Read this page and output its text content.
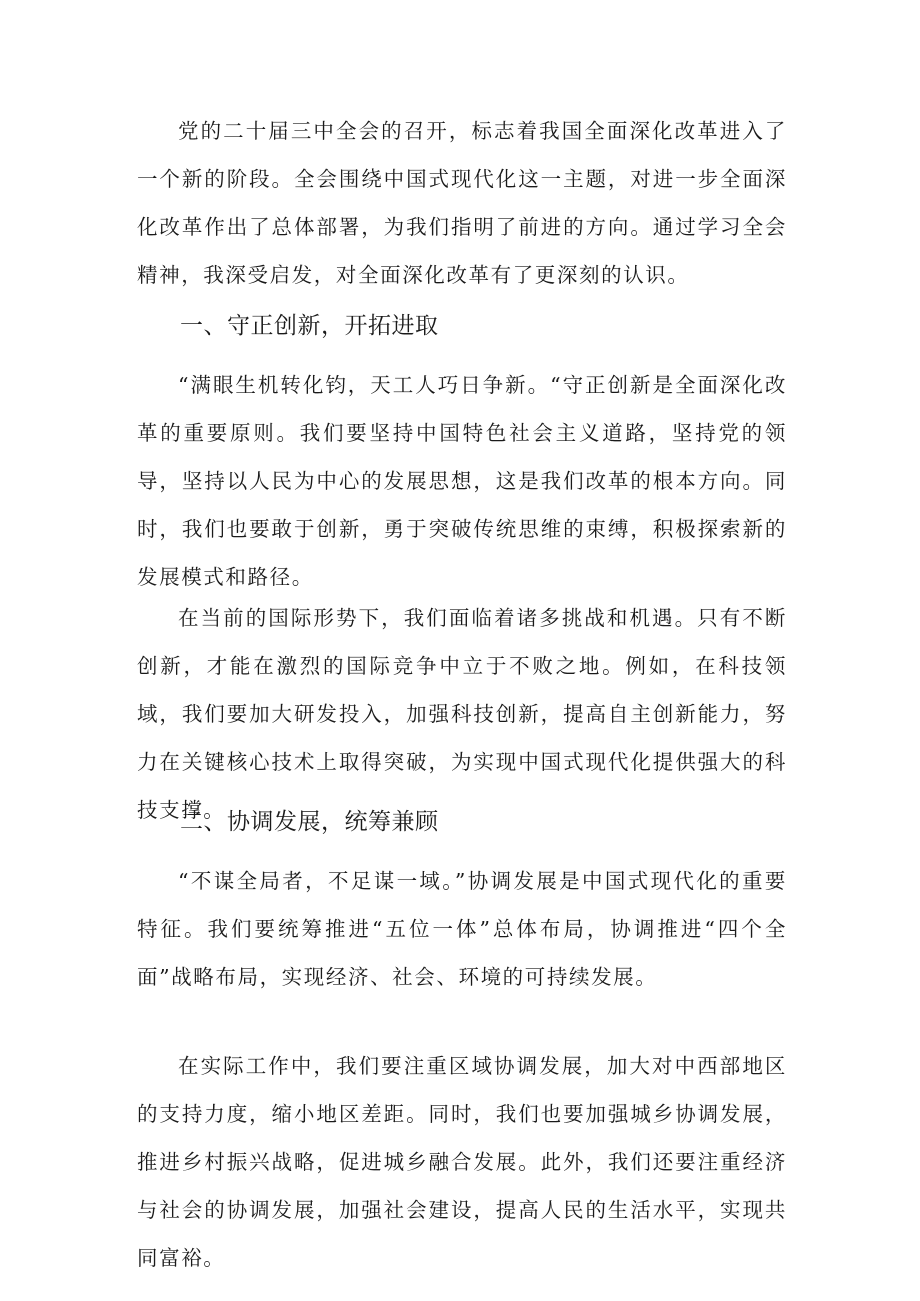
党的二十届三中全会的召开，标志着我国全面深化改革进入了一个新的阶段。全会围绕中国式现代化这一主题，对进一步全面深化改革作出了总体部署，为我们指明了前进的方向。通过学习全会精神，我深受启发，对全面深化改革有了更深刻的认识。

一、守正创新，开拓进取

“满眼生机转化钧，天工人巧日争新。“守正创新是全面深化改革的重要原则。我们要坚持中国特色社会主义道路，坚持党的领导，坚持以人民为中心的发展思想，这是我们改革的根本方向。同时，我们也要敢于创新，勇于突破传统思维的束缚，积极探索新的发展模式和路径。

在当前的国际形势下，我们面临着诸多挑战和机遇。只有不断创新，才能在激烈的国际竞争中立于不败之地。例如，在科技领域，我们要加大研发投入，加强科技创新，提高自主创新能力，努力在关键核心技术上取得突破，为实现中国式现代化提供强大的科技支撑。

二、协调发展，统筹兼顾

“不谋全局者，不足谋一域。”协调发展是中国式现代化的重要特征。我们要统筹推进“五位一体”总体布局，协调推进“四个全面”战略布局，实现经济、社会、环境的可持续发展。

在实际工作中，我们要注重区域协调发展，加大对中西部地区的支持力度，缩小地区差距。同时，我们也要加强城乡协调发展，推进乡村振兴战略，促进城乡融合发展。此外，我们还要注重经济与社会的协调发展，加强社会建设，提高人民的生活水平，实现共同富裕。
